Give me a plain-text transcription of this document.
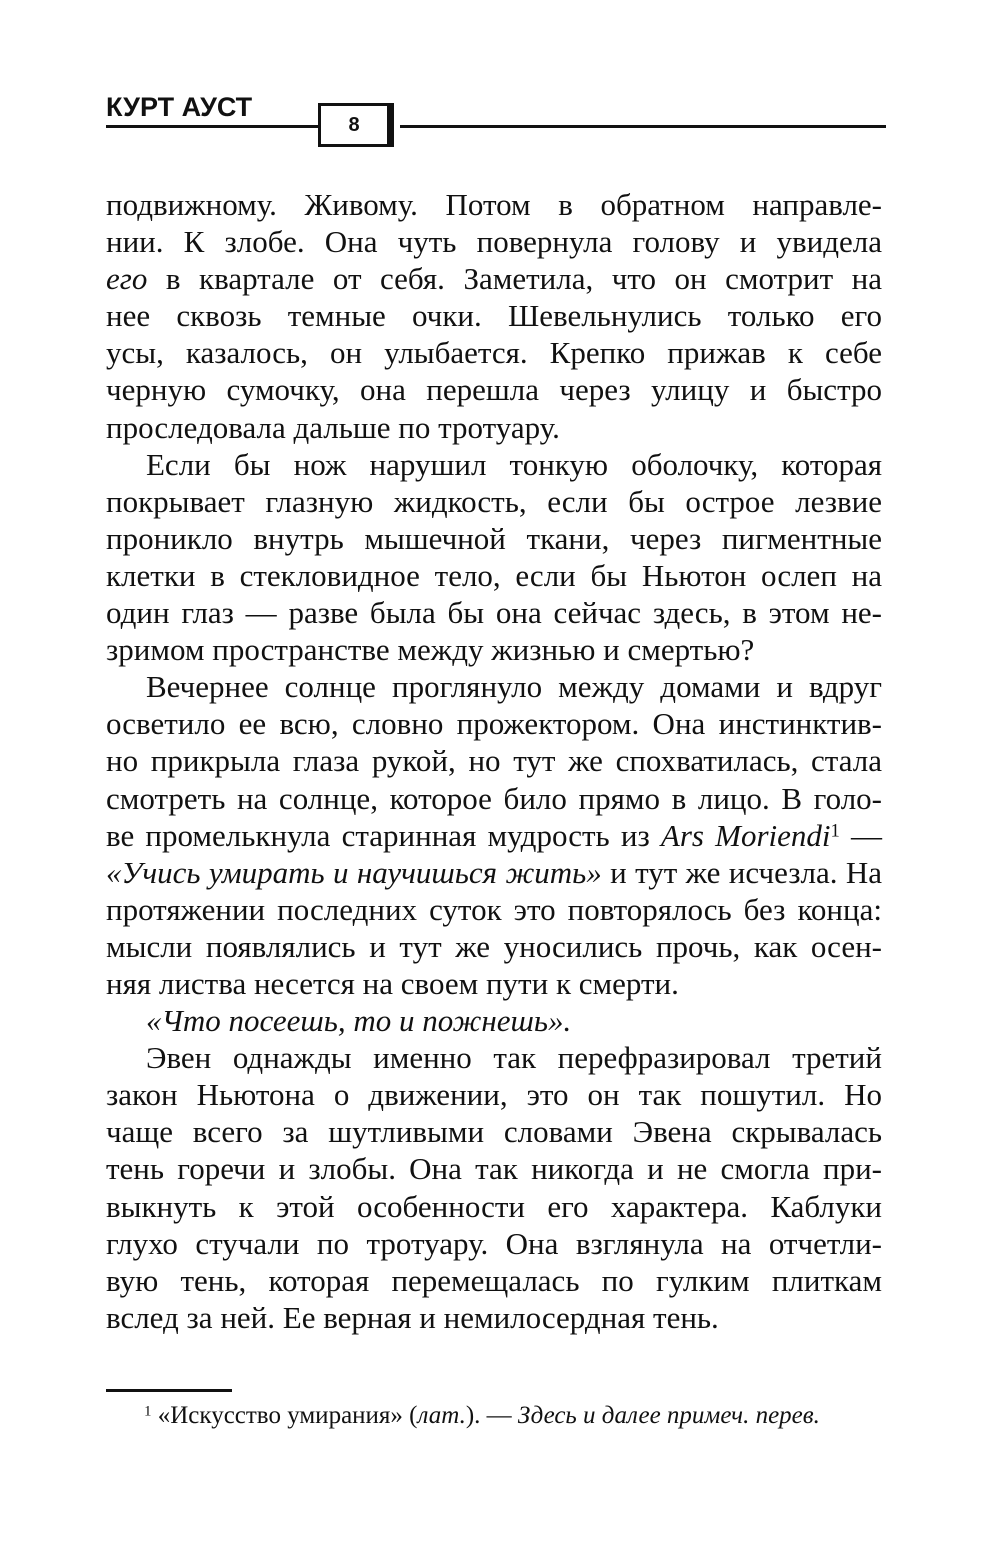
КУРТ АУСТ
8
подвижному. Живому. Потом в обратном направле-
нии. К злобе. Она чуть повернула голову и увидела
его в квартале от себя. Заметила, что он смотрит на
нее сквозь темные очки. Шевельнулись только его
усы, казалось, он улыбается. Крепко прижав к себе
черную сумочку, она перешла через улицу и быстро
проследовала дальше по тротуару.
Если бы нож нарушил тонкую оболочку, которая
покрывает глазную жидкость, если бы острое лезвие
проникло внутрь мышечной ткани, через пигментные
клетки в стекловидное тело, если бы Ньютон ослеп на
один глаз — разве была бы она сейчас здесь, в этом не-
зримом пространстве между жизнью и смертью?
Вечернее солнце проглянуло между домами и вдруг
осветило ее всю, словно прожектором. Она инстинктив-
но прикрыла глаза рукой, но тут же спохватилась, стала
смотреть на солнце, которое било прямо в лицо. В голо-
ве промелькнула старинная мудрость из Ars Moriendi$^1$ —
«Учись умирать и научишься жить» и тут же исчезла. На
протяжении последних суток это повторялось без конца:
мысли появлялись и тут же уносились прочь, как осен-
няя листва несется на своем пути к смерти.
«Что посеешь, то и пожнешь».
Эвен однажды именно так перефразировал третий
закон Ньютона о движении, это он так пошутил. Но
чаще всего за шутливыми словами Эвена скрывалась
тень горечи и злобы. Она так никогда и не смогла при-
выкнуть к этой особенности его характера. Каблуки
глухо стучали по тротуару. Она взглянула на отчетли-
вую тень, которая перемещалась по гулким плиткам
вслед за ней. Ее верная и немилосердная тень.
$^1$ «Искусство умирания» (лат.). — Здесь и далее примеч. перев.
